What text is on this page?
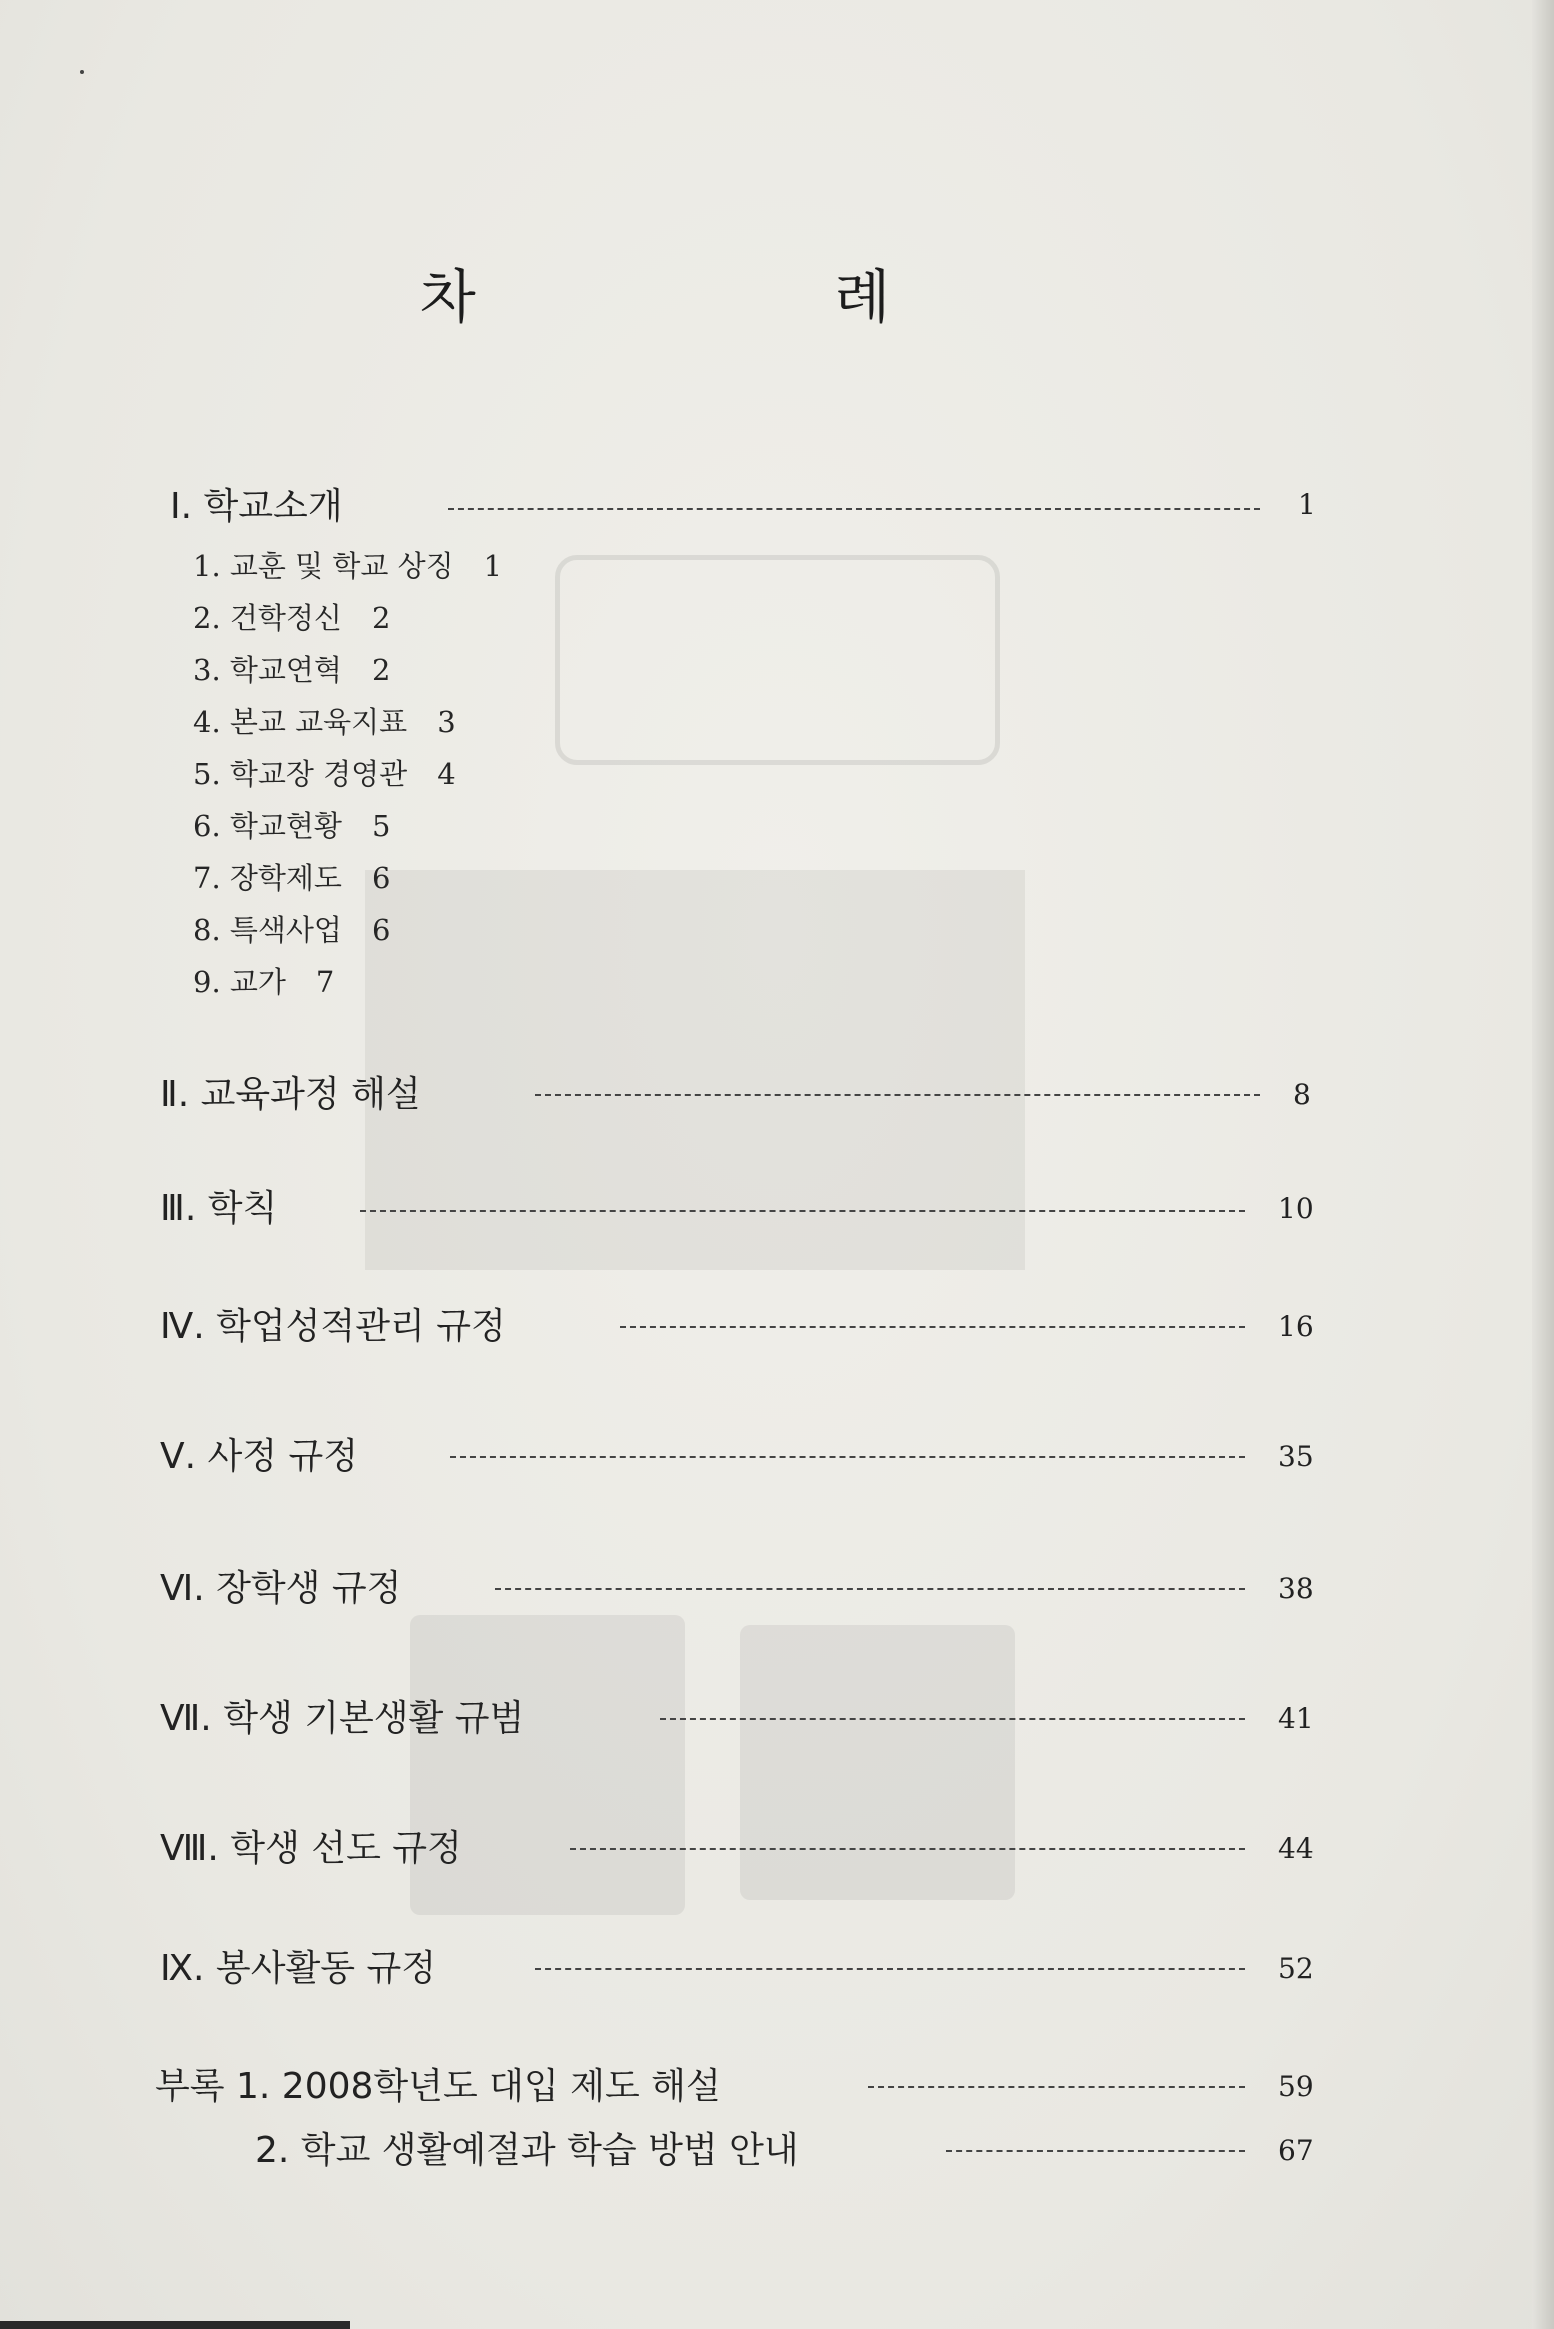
차 례
Ⅰ. 학교소개	1
1. 교훈 및 학교 상징 1
2. 건학정신 2
3. 학교연혁 2
4. 본교 교육지표 3
5. 학교장 경영관 4
6. 학교현황 5
7. 장학제도 6
8. 특색사업 6
9. 교가 7
Ⅱ. 교육과정 해설	8
Ⅲ. 학칙	10
Ⅳ. 학업성적관리 규정	16
Ⅴ. 사정 규정	35
Ⅵ. 장학생 규정	38
Ⅶ. 학생 기본생활 규범	41
Ⅷ. 학생 선도 규정	44
Ⅸ. 봉사활동 규정	52
부록 1. 2008학년도 대입 제도 해설	59
2. 학교 생활예절과 학습 방법 안내	67
